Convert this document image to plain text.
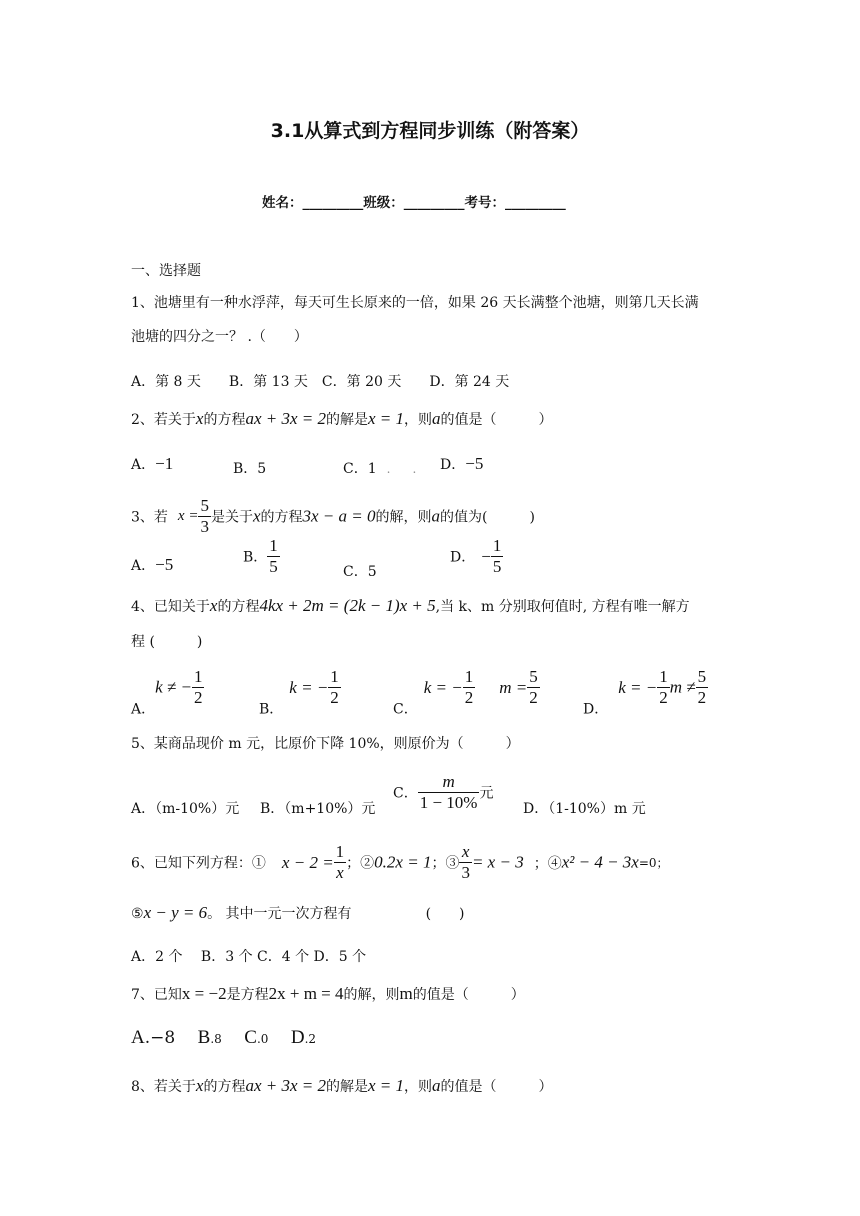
3.1从算式到方程同步训练（附答案）
姓名：_________班级：_________考号：_________
一、选择题
1、池塘里有一种水浮萍，每天可生长原来的一倍，如果 26 天长满整个池塘，则第几天长满
池塘的四分之一？ .（　　）
A．第 8 天　　B．第 13 天　C．第 20 天　　D．第 24 天
2、若关于x的方程ax + 3x = 2的解是x = 1，则a的值是（　　　）
A．−1	B．5	C．1 . . D．−5
3、若 $x = \frac{5}{3}$ 是关于x的方程3x − a = 0的解，则a的值为(　　　)
A．−5	B． $\frac{1}{5}$	C．5
D． − $\frac{1}{5}$
4、已知关于x的方程4kx + 2m = (2k − 1)x + 5,当 k、m 分别取何值时, 方程有唯一解方
程 (　　　)
A．k ≠ − $\frac{1}{2}$
B．k = − $\frac{1}{2}$
C．k = − $\frac{1}{2}$ $m = \frac{5}{2}$
D．k = − $\frac{1}{2}$ $m \ne \frac{5}{2}$
5、某商品现价 m 元，比原价下降 10%，则原价为（　　　）
A．（m-10%）元 B．（m+10%）元
C． $\frac{m}{1 - 10\%}$ 元
D．（1-10%）m 元
6、已知下列方程：① $x - 2 = \frac{1}{x}$ ；②0.2x = 1；③ $\frac{x}{3} = x - 3$ ；④x² − 4 − 3x=0；
⑤x − y = 6。 其中一元一次方程有	(　　)
A．2 个　 B．3 个 C．4 个 D．5 个
7、已知x = −2是方程2x + m = 4的解，则m的值是（　　　）
A.−8 B.8 C.0 D.2
8、若关于x的方程ax + 3x = 2的解是x = 1，则a的值是（　　　）
